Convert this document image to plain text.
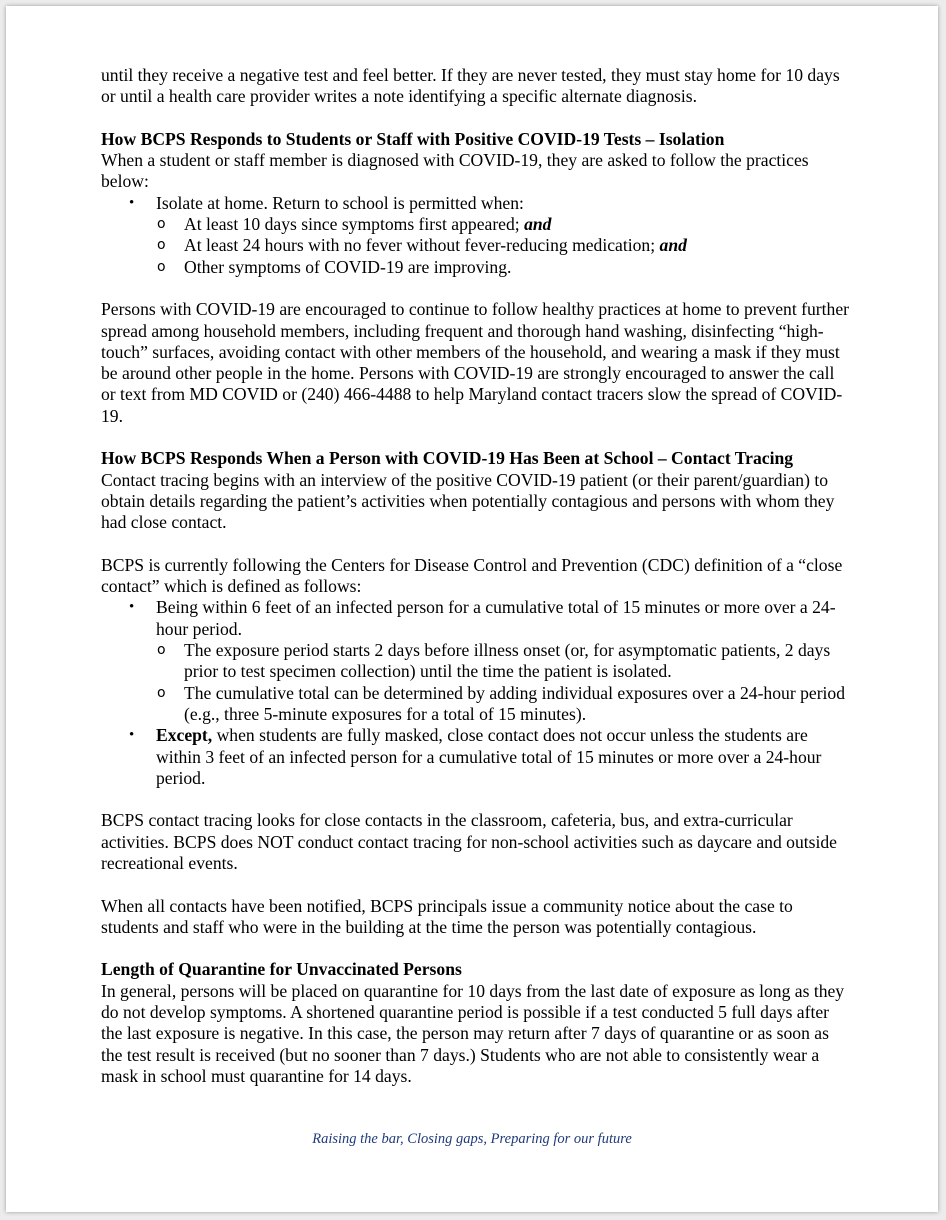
until they receive a negative test and feel better. If they are never tested, they must stay home for 10 days or until a health care provider writes a note identifying a specific alternate diagnosis.

How BCPS Responds to Students or Staff with Positive COVID-19 Tests – Isolation

When a student or staff member is diagnosed with COVID-19, they are asked to follow the practices below:

• Isolate at home. Return to school is permitted when:
o At least 10 days since symptoms first appeared; and
o At least 24 hours with no fever without fever-reducing medication; and
o Other symptoms of COVID-19 are improving.

Persons with COVID-19 are encouraged to continue to follow healthy practices at home to prevent further spread among household members, including frequent and thorough hand washing, disinfecting “high-touch” surfaces, avoiding contact with other members of the household, and wearing a mask if they must be around other people in the home. Persons with COVID-19 are strongly encouraged to answer the call or text from MD COVID or (240) 466-4488 to help Maryland contact tracers slow the spread of COVID-19.

How BCPS Responds When a Person with COVID-19 Has Been at School – Contact Tracing

Contact tracing begins with an interview of the positive COVID-19 patient (or their parent/guardian) to obtain details regarding the patient’s activities when potentially contagious and persons with whom they had close contact.

BCPS is currently following the Centers for Disease Control and Prevention (CDC) definition of a “close contact” which is defined as follows:

• Being within 6 feet of an infected person for a cumulative total of 15 minutes or more over a 24-hour period.
o The exposure period starts 2 days before illness onset (or, for asymptomatic patients, 2 days prior to test specimen collection) until the time the patient is isolated.
o The cumulative total can be determined by adding individual exposures over a 24-hour period (e.g., three 5-minute exposures for a total of 15 minutes).
• Except, when students are fully masked, close contact does not occur unless the students are within 3 feet of an infected person for a cumulative total of 15 minutes or more over a 24-hour period.

BCPS contact tracing looks for close contacts in the classroom, cafeteria, bus, and extra-curricular activities. BCPS does NOT conduct contact tracing for non-school activities such as daycare and outside recreational events.

When all contacts have been notified, BCPS principals issue a community notice about the case to students and staff who were in the building at the time the person was potentially contagious.

Length of Quarantine for Unvaccinated Persons

In general, persons will be placed on quarantine for 10 days from the last date of exposure as long as they do not develop symptoms. A shortened quarantine period is possible if a test conducted 5 full days after the last exposure is negative. In this case, the person may return after 7 days of quarantine or as soon as the test result is received (but no sooner than 7 days.) Students who are not able to consistently wear a mask in school must quarantine for 14 days.

Raising the bar, Closing gaps, Preparing for our future
